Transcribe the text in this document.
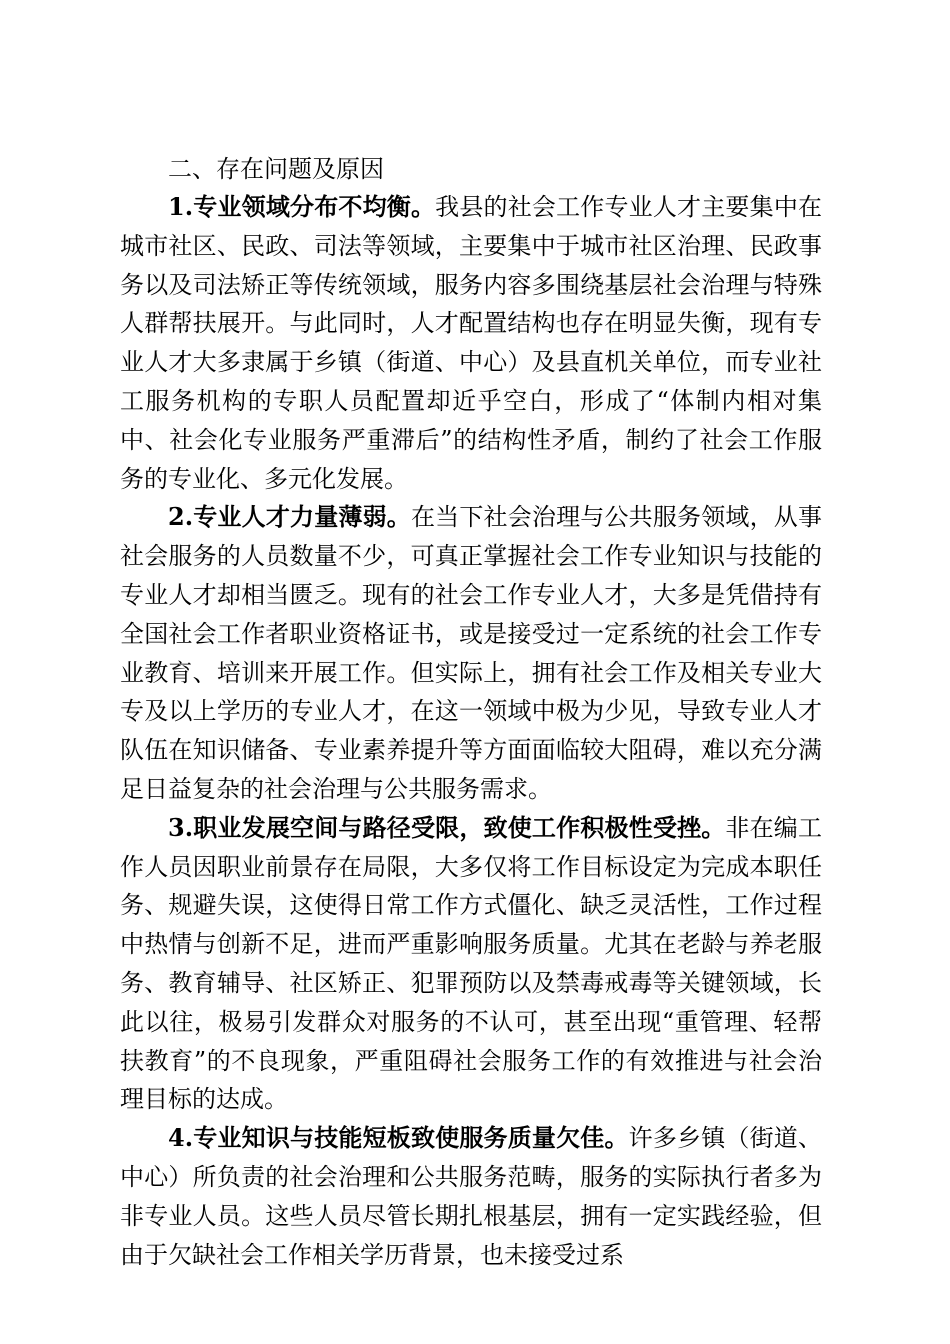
二、存在问题及原因

1.专业领域分布不均衡。我县的社会工作专业人才主要集中在城市社区、民政、司法等领域，主要集中于城市社区治理、民政事务以及司法矫正等传统领域，服务内容多围绕基层社会治理与特殊人群帮扶展开。与此同时，人才配置结构也存在明显失衡，现有专业人才大多隶属于乡镇（街道、中心）及县直机关单位，而专业社工服务机构的专职人员配置却近乎空白，形成了“体制内相对集中、社会化专业服务严重滞后”的结构性矛盾，制约了社会工作服务的专业化、多元化发展。

2.专业人才力量薄弱。在当下社会治理与公共服务领域，从事社会服务的人员数量不少，可真正掌握社会工作专业知识与技能的专业人才却相当匮乏。现有的社会工作专业人才，大多是凭借持有全国社会工作者职业资格证书，或是接受过一定系统的社会工作专业教育、培训来开展工作。但实际上，拥有社会工作及相关专业大专及以上学历的专业人才，在这一领域中极为少见，导致专业人才队伍在知识储备、专业素养提升等方面面临较大阻碍，难以充分满足日益复杂的社会治理与公共服务需求。

3.职业发展空间与路径受限，致使工作积极性受挫。非在编工作人员因职业前景存在局限，大多仅将工作目标设定为完成本职任务、规避失误，这使得日常工作方式僵化、缺乏灵活性，工作过程中热情与创新不足，进而严重影响服务质量。尤其在老龄与养老服务、教育辅导、社区矫正、犯罪预防以及禁毒戒毒等关键领域，长此以往，极易引发群众对服务的不认可，甚至出现“重管理、轻帮扶教育”的不良现象，严重阻碍社会服务工作的有效推进与社会治理目标的达成。

4.专业知识与技能短板致使服务质量欠佳。许多乡镇（街道、中心）所负责的社会治理和公共服务范畴，服务的实际执行者多为非专业人员。这些人员尽管长期扎根基层，拥有一定实践经验，但由于欠缺社会工作相关学历背景，也未接受过系
